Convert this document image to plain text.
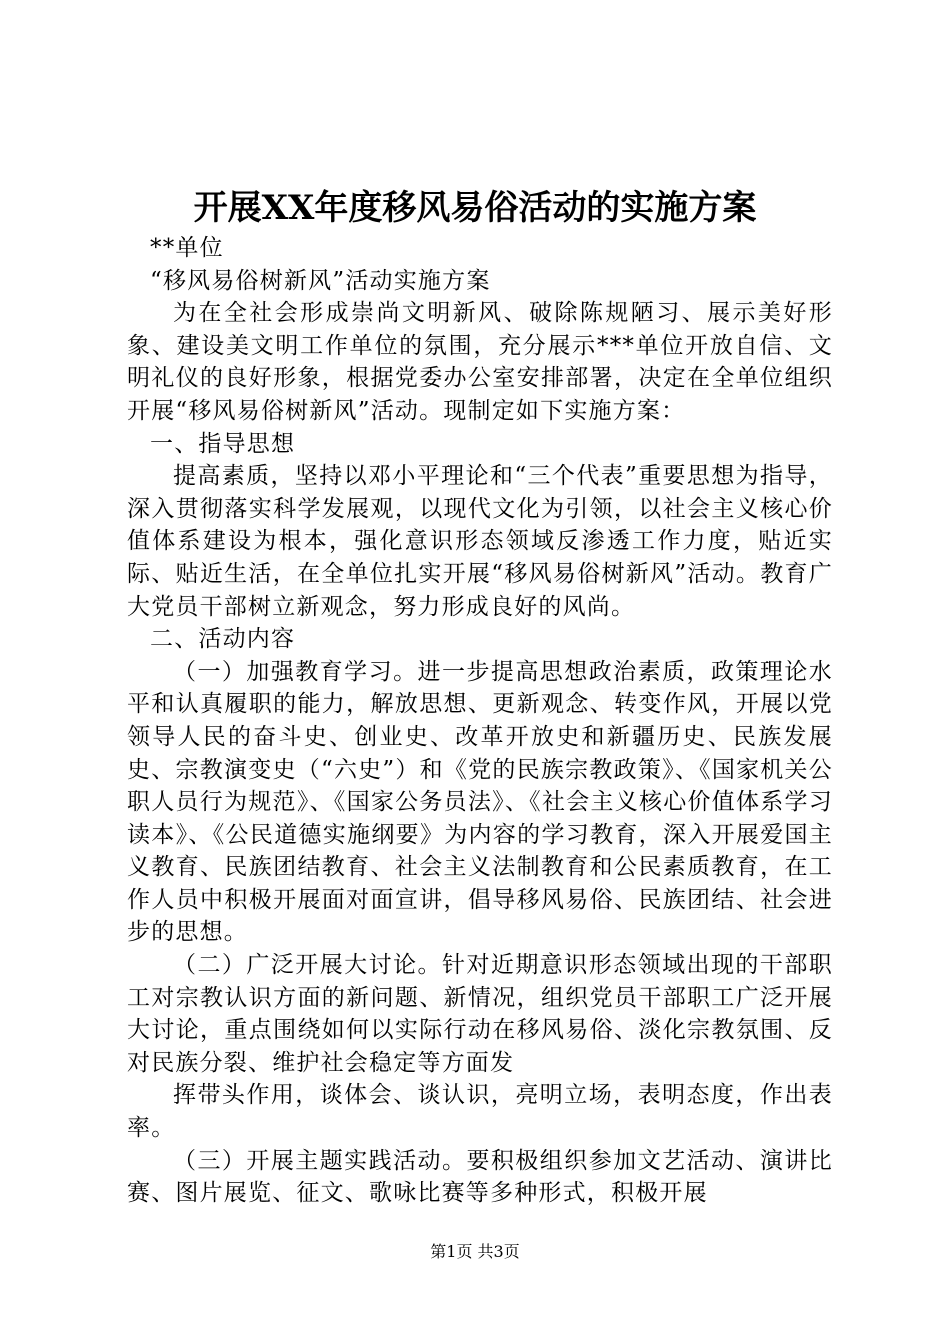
开展XX年度移风易俗活动的实施方案

**单位

“移风易俗树新风”活动实施方案

为在全社会形成崇尚文明新风、破除陈规陋习、展示美好形象、建设美文明工作单位的氛围，充分展示***单位开放自信、文明礼仪的良好形象，根据党委办公室安排部署，决定在全单位组织开展“移风易俗树新风”活动。现制定如下实施方案：

一、指导思想

提高素质，坚持以邓小平理论和“三个代表”重要思想为指导，深入贯彻落实科学发展观，以现代文化为引领，以社会主义核心价值体系建设为根本，强化意识形态领域反渗透工作力度，贴近实际、贴近生活，在全单位扎实开展“移风易俗树新风”活动。教育广大党员干部树立新观念，努力形成良好的风尚。

二、活动内容

（一）加强教育学习。进一步提高思想政治素质，政策理论水平和认真履职的能力，解放思想、更新观念、转变作风，开展以党领导人民的奋斗史、创业史、改革开放史和新疆历史、民族发展史、宗教演变史（“六史”）和《党的民族宗教政策》、《国家机关公职人员行为规范》、《国家公务员法》、《社会主义核心价值体系学习读本》、《公民道德实施纲要》为内容的学习教育，深入开展爱国主义教育、民族团结教育、社会主义法制教育和公民素质教育，在工作人员中积极开展面对面宣讲，倡导移风易俗、民族团结、社会进步的思想。

（二）广泛开展大讨论。针对近期意识形态领域出现的干部职工对宗教认识方面的新问题、新情况，组织党员干部职工广泛开展大讨论，重点围绕如何以实际行动在移风易俗、淡化宗教氛围、反对民族分裂、维护社会稳定等方面发

挥带头作用，谈体会、谈认识，亮明立场，表明态度，作出表率。

（三）开展主题实践活动。要积极组织参加文艺活动、演讲比赛、图片展览、征文、歌咏比赛等多种形式，积极开展

第1页 共3页
